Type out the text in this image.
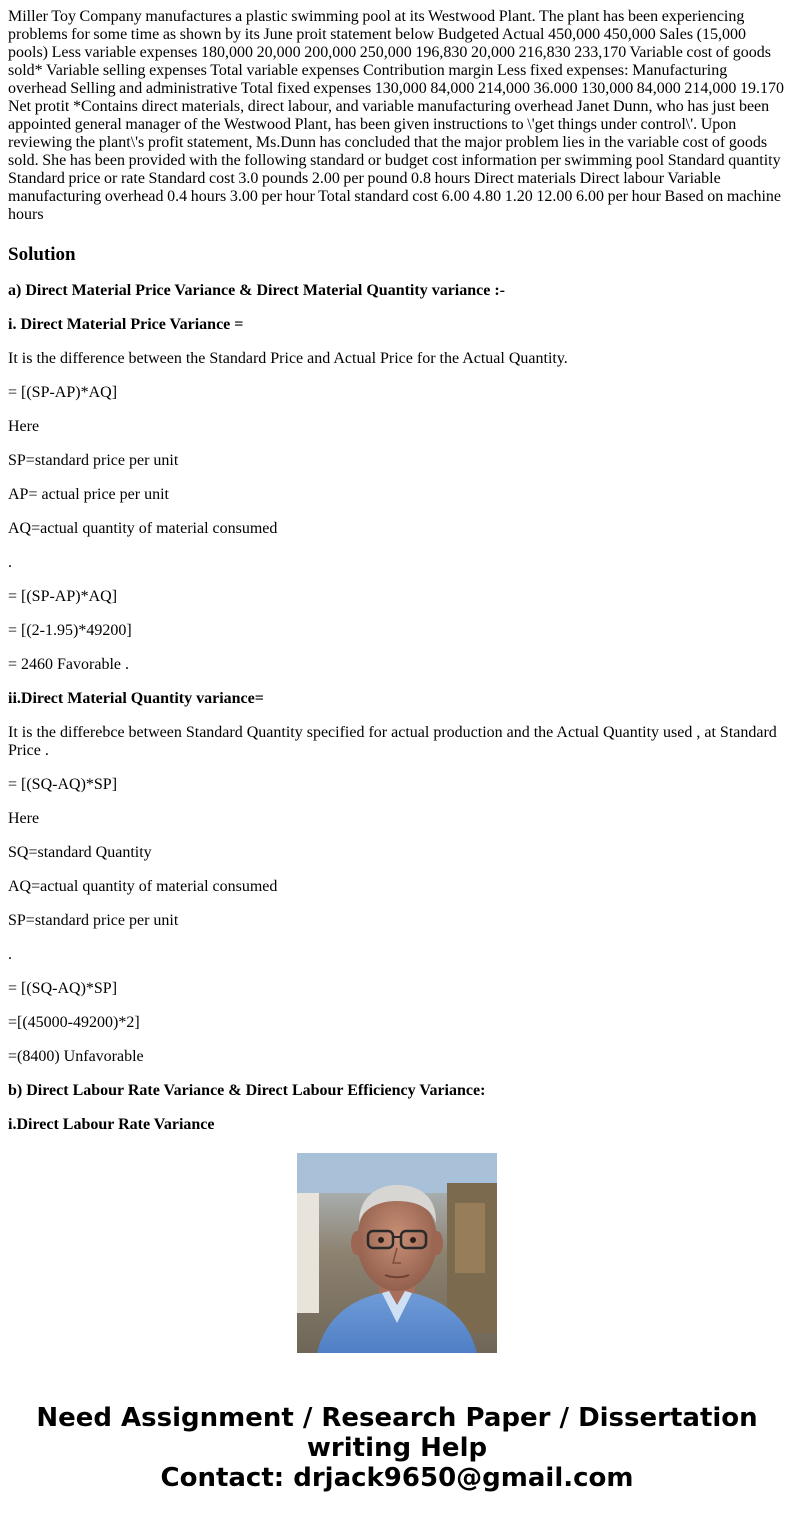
Miller Toy Company manufactures a plastic swimming pool at its Westwood Plant. The plant has been experiencing problems for some time as shown by its June proit statement below Budgeted Actual 450,000 450,000 Sales (15,000 pools) Less variable expenses 180,000 20,000 200,000 250,000 196,830 20,000 216,830 233,170 Variable cost of goods sold* Variable selling expenses Total variable expenses Contribution margin Less fixed expenses: Manufacturing overhead Selling and administrative Total fixed expenses 130,000 84,000 214,000 36.000 130,000 84,000 214,000 19.170 Net protit *Contains direct materials, direct labour, and variable manufacturing overhead Janet Dunn, who has just been appointed general manager of the Westwood Plant, has been given instructions to \'get things under control\'. Upon reviewing the plant\'s profit statement, Ms.Dunn has concluded that the major problem lies in the variable cost of goods sold. She has been provided with the following standard or budget cost information per swimming pool Standard quantity Standard price or rate Standard cost 3.0 pounds 2.00 per pound 0.8 hours Direct materials Direct labour Variable manufacturing overhead 0.4 hours 3.00 per hour Total standard cost 6.00 4.80 1.20 12.00 6.00 per hour Based on machine hours
Solution

a) Direct Material Price Variance & Direct Material Quantity variance :-

i. Direct Material Price Variance =

It is the difference between the Standard Price and Actual Price for the Actual Quantity.

= [(SP-AP)*AQ]

Here

SP=standard price per unit

AP= actual price per unit

AQ=actual quantity of material consumed

.

= [(SP-AP)*AQ]

= [(2-1.95)*49200]

= 2460 Favorable .

ii.Direct Material Quantity variance=

It is the differebce between Standard Quantity specified for actual production and the Actual Quantity used , at Standard Price .

= [(SQ-AQ)*SP]

Here

SQ=standard Quantity

AQ=actual quantity of material consumed

SP=standard price per unit

.

= [(SQ-AQ)*SP]

=[(45000-49200)*2]

=(8400) Unfavorable

b) Direct Labour Rate Variance & Direct Labour Efficiency Variance:

i.Direct Labour Rate Variance

Need Assignment / Research Paper / Dissertation
writing Help
Contact: drjack9650@gmail.com
